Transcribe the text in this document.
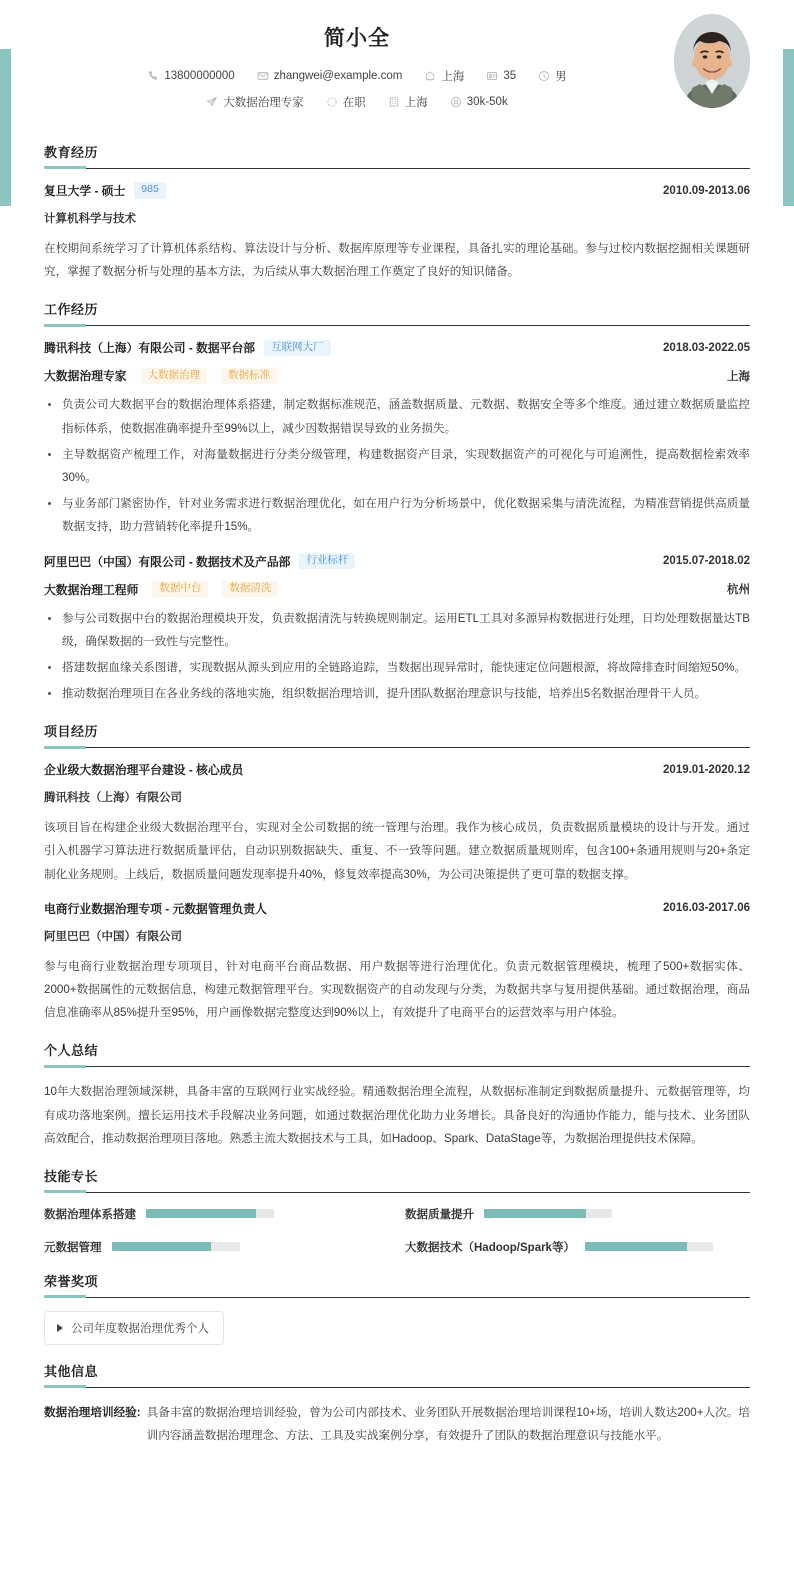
简小全
13800000000	zhangwei@example.com	上海	35	男
大数据治理专家	在职	上海	30k-50k
教育经历
复旦大学 - 硕士	985	2010.09-2013.06
计算机科学与技术
在校期间系统学习了计算机体系结构、算法设计与分析、数据库原理等专业课程，具备扎实的理论基础。参与过校内数据挖掘相关课题研究，掌握了数据分析与处理的基本方法，为后续从事大数据治理工作奠定了良好的知识储备。
工作经历
腾讯科技（上海）有限公司 - 数据平台部	互联网大厂	2018.03-2022.05
大数据治理专家	大数据治理	数据标准	上海
负责公司大数据平台的数据治理体系搭建，制定数据标准规范，涵盖数据质量、元数据、数据安全等多个维度。通过建立数据质量监控指标体系，使数据准确率提升至99%以上，减少因数据错误导致的业务损失。
主导数据资产梳理工作，对海量数据进行分类分级管理，构建数据资产目录，实现数据资产的可视化与可追溯性，提高数据检索效率30%。
与业务部门紧密协作，针对业务需求进行数据治理优化，如在用户行为分析场景中，优化数据采集与清洗流程，为精准营销提供高质量数据支持，助力营销转化率提升15%。
阿里巴巴（中国）有限公司 - 数据技术及产品部	行业标杆	2015.07-2018.02
大数据治理工程师	数据中台	数据清洗	杭州
参与公司数据中台的数据治理模块开发，负责数据清洗与转换规则制定。运用ETL工具对多源异构数据进行处理，日均处理数据量达TB级，确保数据的一致性与完整性。
搭建数据血缘关系图谱，实现数据从源头到应用的全链路追踪，当数据出现异常时，能快速定位问题根源，将故障排查时间缩短50%。
推动数据治理项目在各业务线的落地实施，组织数据治理培训，提升团队数据治理意识与技能，培养出5名数据治理骨干人员。
项目经历
企业级大数据治理平台建设 - 核心成员	2019.01-2020.12
腾讯科技（上海）有限公司
该项目旨在构建企业级大数据治理平台，实现对全公司数据的统一管理与治理。我作为核心成员，负责数据质量模块的设计与开发。通过引入机器学习算法进行数据质量评估，自动识别数据缺失、重复、不一致等问题。建立数据质量规则库，包含100+条通用规则与20+条定制化业务规则。上线后，数据质量问题发现率提升40%，修复效率提高30%，为公司决策提供了更可靠的数据支撑。
电商行业数据治理专项 - 元数据管理负责人	2016.03-2017.06
阿里巴巴（中国）有限公司
参与电商行业数据治理专项项目，针对电商平台商品数据、用户数据等进行治理优化。负责元数据管理模块，梳理了500+数据实体、2000+数据属性的元数据信息，构建元数据管理平台。实现数据资产的自动发现与分类，为数据共享与复用提供基础。通过数据治理，商品信息准确率从85%提升至95%，用户画像数据完整度达到90%以上，有效提升了电商平台的运营效率与用户体验。
个人总结
10年大数据治理领域深耕，具备丰富的互联网行业实战经验。精通数据治理全流程，从数据标准制定到数据质量提升、元数据管理等，均有成功落地案例。擅长运用技术手段解决业务问题，如通过数据治理优化助力业务增长。具备良好的沟通协作能力，能与技术、业务团队高效配合，推动数据治理项目落地。熟悉主流大数据技术与工具，如Hadoop、Spark、DataStage等，为数据治理提供技术保障。
技能专长
数据治理体系搭建	数据质量提升
元数据管理	大数据技术（Hadoop/Spark等）
荣誉奖项
公司年度数据治理优秀个人
其他信息
数据治理培训经验: 具备丰富的数据治理培训经验，曾为公司内部技术、业务团队开展数据治理培训课程10+场，培训人数达200+人次。培训内容涵盖数据治理理念、方法、工具及实战案例分享，有效提升了团队的数据治理意识与技能水平。
